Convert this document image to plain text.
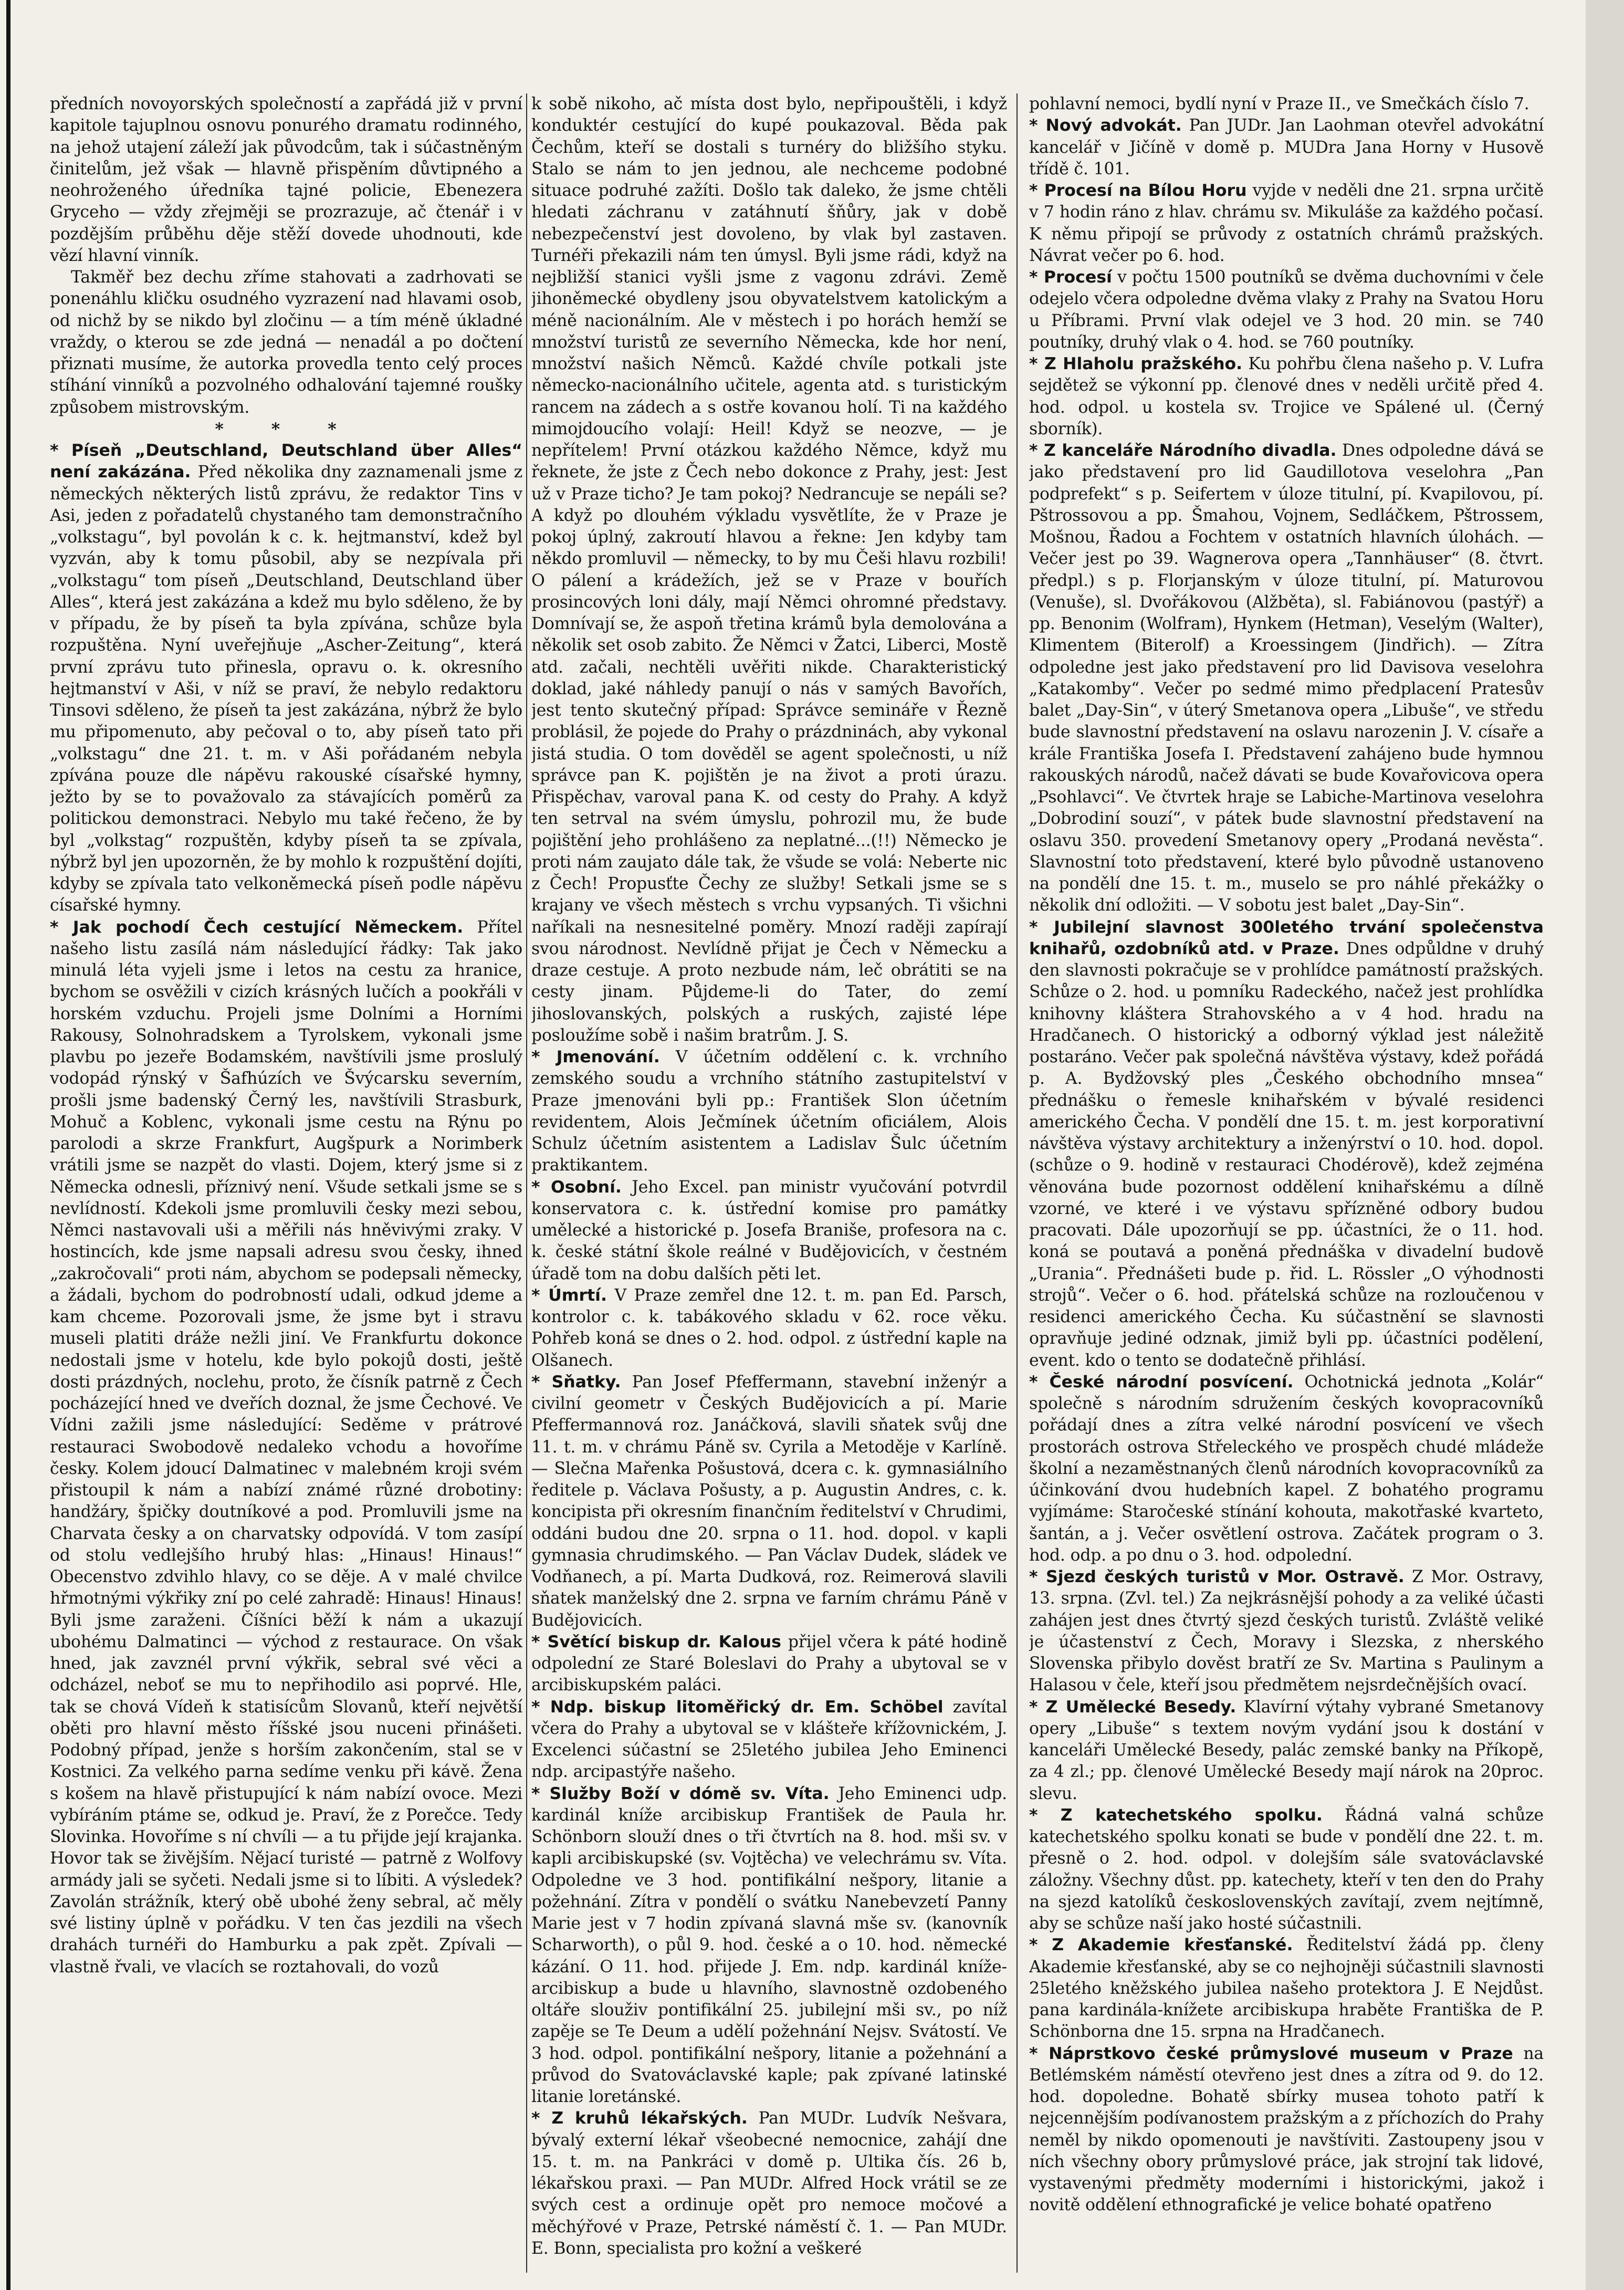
předních novoyorských společností a zapřádá již v první kapitole tajuplnou osnovu ponurého dramatu rodinného, na jehož utajení záleží jak původcům, tak i súčastněným činitelům, jež však — hlavně přispěním důvtipného a neohroženého úředníka tajné policie, Ebenezera Gryceho — vždy zřejměji se prozrazuje, ač čtenář i v pozdějším průběhu děje stěží dovede uhodnouti, kde vězí hlavní vinník.

Takměř bez dechu zříme stahovati a zadrhovati se ponenáhlu kličku osudného vyzrazení nad hlavami osob, od nichž by se nikdo byl zločinu — a tím méně úkladné vraždy, o kterou se zde jedná — nenadál a po dočtení přiznati musíme, že autorka provedla tento celý proces stíhání vinníků a pozvolného odhalování tajemné roušky způsobem mistrovským.

* * *

* Píseň „Deutschland, Deutschland über Alles“ není zakázána. Před několika dny zaznamenali jsme z německých některých listů zprávu, že redaktor Tins v Asi, jeden z pořadatelů chystaného tam demonstračního „volkstagu“, byl povolán k c. k. hejtmanství, kdež byl vyzván, aby k tomu působil, aby se nezpívala při „volkstagu“ tom píseň „Deutschland, Deutschland über Alles“, která jest zakázána a kdež mu bylo sděleno, že by v případu, že by píseň ta byla zpívána, schůze byla rozpuštěna. Nyní uveřejňuje „Ascher-Zeitung“, která první zprávu tuto přinesla, opravu o. k. okresního hejtmanství v Aši, v níž se praví, že nebylo redaktoru Tinsovi sděleno, že píseň ta jest zakázána, nýbrž že bylo mu připomenuto, aby pečoval o to, aby píseň tato při „volkstagu“ dne 21. t. m. v Aši pořádaném nebyla zpívána pouze dle nápěvu rakouské císařské hymny, ježto by se to považovalo za stávajících poměrů za politickou demonstraci. Nebylo mu také řečeno, že by byl „volkstag“ rozpuštěn, kdyby píseň ta se zpívala, nýbrž byl jen upozorněn, že by mohlo k rozpuštění dojíti, kdyby se zpívala tato velkoněmecká píseň podle nápěvu císařské hymny.

* Jak pochodí Čech cestující Německem. Přítel našeho listu zasílá nám následující řádky: Tak jako minulá léta vyjeli jsme i letos na cestu za hranice, bychom se osvěžili v cizích krásných lučích a pookřáli v horském vzduchu. Projeli jsme Dolními a Horními Rakousy, Solnohradskem a Tyrolskem, vykonali jsme plavbu po jezeře Bodamském, navštívili jsme proslulý vodopád rýnský v Šafhúzích ve Švýcarsku severním, prošli jsme badenský Černý les, navštívili Strasburk, Mohuč a Koblenc, vykonali jsme cestu na Rýnu po parolodi a skrze Frankfurt, Augšpurk a Norimberk vrátili jsme se nazpět do vlasti. Dojem, který jsme si z Německa odnesli, příznivý není. Všude setkali jsme se s nevlídností. Kdekoli jsme promluvili česky mezi sebou, Němci nastavovali uši a měřili nás hněvivými zraky. V hostincích, kde jsme napsali adresu svou česky, ihned „zakročovali“ proti nám, abychom se podepsali německy, a žádali, bychom do podrobností udali, odkud jdeme a kam chceme. Pozorovali jsme, že jsme byt i stravu museli platiti dráže nežli jiní. Ve Frankfurtu dokonce nedostali jsme v hotelu, kde bylo pokojů dosti, ještě dosti prázdných, noclehu, proto, že čísník patrně z Čech pocházející hned ve dveřích doznal, že jsme Čechové. Ve Vídni zažili jsme následující: Seděme v prátrové restauraci Swobodově nedaleko vchodu a hovoříme česky. Kolem jdoucí Dalmatinec v malebném kroji svém přistoupil k nám a nabízí známé různé drobotiny: handžáry, špičky doutníkové a pod. Promluvili jsme na Charvata česky a on charvatsky odpovídá. V tom zasípí od stolu vedlejšího hrubý hlas: „Hinaus! Hinaus!“ Obecenstvo zdvihlo hlavy, co se děje. A v malé chvilce hřmotnými výkřiky zní po celé zahradě: Hinaus! Hinaus! Byli jsme zaraženi. Číšníci běží k nám a ukazují ubohému Dalmatinci — východ z restaurace. On však hned, jak zavznél první výkřik, sebral své věci a odcházel, neboť se mu to nepřihodilo asi poprvé. Hle, tak se chová Vídeň k statisícům Slovanů, kteří největší oběti pro hlavní město říšské jsou nuceni přinášeti. Podobný případ, jenže s horším zakončením, stal se v Kostnici. Za velkého parna sedíme venku při kávě. Žena s košem na hlavě přistupující k nám nabízí ovoce. Mezi vybíráním ptáme se, odkud je. Praví, že z Porečce. Tedy Slovinka. Hovoříme s ní chvíli — a tu přijde její krajanka. Hovor tak se živějším. Nějací turisté — patrně z Wolfovy armády jali se syčeti. Nedali jsme si to líbiti. A výsledek? Zavolán strážník, který obě ubohé ženy sebral, ač měly své listiny úplně v pořádku. V ten čas jezdili na všech drahách turnéři do Hamburku a pak zpět. Zpívali — vlastně řvali, ve vlacích se roztahovali, do vozů

k sobě nikoho, ač místa dost bylo, nepřipouštěli, i když konduktér cestující do kupé poukazoval. Běda pak Čechům, kteří se dostali s turnéry do bližšího styku. Stalo se nám to jen jednou, ale nechceme podobné situace podruhé zažíti. Došlo tak daleko, že jsme chtěli hledati záchranu v zatáhnutí šňůry, jak v době nebezpečenství jest dovoleno, by vlak byl zastaven. Turnéři překazili nám ten úmysl. Byli jsme rádi, když na nejbližší stanici vyšli jsme z vagonu zdrávi. Země jihoněmecké obydleny jsou obyvatelstvem katolickým a méně nacionálním. Ale v městech i po horách hemží se množství turistů ze severního Německa, kde hor není, množství našich Němců. Každé chvíle potkali jste německo-nacionálního učitele, agenta atd. s turistickým rancem na zádech a s ostře kovanou holí. Ti na každého mimojdoucího volají: Heil! Když se neozve, — je nepřítelem! První otázkou každého Němce, když mu řeknete, že jste z Čech nebo dokonce z Prahy, jest: Jest už v Praze ticho? Je tam pokoj? Nedrancuje se nepáli se? A když po dlouhém výkladu vysvětlíte, že v Praze je pokoj úplný, zakroutí hlavou a řekne: Jen kdyby tam někdo promluvil — německy, to by mu Češi hlavu rozbili! O pálení a krádežích, jež se v Praze v bouřích prosincových loni dály, mají Němci ohromné představy. Domnívají se, že aspoň třetina krámů byla demolována a několik set osob zabito. Že Němci v Žatci, Liberci, Mostě atd. začali, nechtěli uvěřiti nikde. Charakteristický doklad, jaké náhledy panují o nás v samých Bavořích, jest tento skutečný případ: Správce semináře v Řezně problásil, že pojede do Prahy o prázdninách, aby vykonal jistá studia. O tom dověděl se agent společnosti, u níž správce pan K. pojištěn je na život a proti úrazu. Přispěchav, varoval pana K. od cesty do Prahy. A když ten setrval na svém úmyslu, pohrozil mu, že bude pojištění jeho prohlášeno za neplatné...(!!) Německo je proti nám zaujato dále tak, že všude se volá: Neberte nic z Čech! Propusťte Čechy ze služby! Setkali jsme se s krajany ve všech městech s vrchu vypsaných. Ti všichni naříkali na nesnesitelné poměry. Mnozí raději zapírají svou národnost. Nevlídně přijat je Čech v Německu a draze cestuje. A proto nezbude nám, leč obrátiti se na cesty jinam. Půjdeme-li do Tater, do zemí jihoslovanských, polských a ruských, zajisté lépe posloužíme sobě i našim bratrům. J. S.

* Jmenování. V účetním oddělení c. k. vrchního zemského soudu a vrchního státního zastupitelství v Praze jmenováni byli pp.: František Slon účetním revidentem, Alois Ječmínek účetním oficiálem, Alois Schulz účetním asistentem a Ladislav Šulc účetním praktikantem.

* Osobní. Jeho Excel. pan ministr vyučování potvrdil konservatora c. k. ústřední komise pro památky umělecké a historické p. Josefa Braniše, profesora na c. k. české státní škole reálné v Budějovicích, v čestném úřadě tom na dobu dalších pěti let.

* Úmrtí. V Praze zemřel dne 12. t. m. pan Ed. Parsch, kontrolor c. k. tabákového skladu v 62. roce věku. Pohřeb koná se dnes o 2. hod. odpol. z ústřední kaple na Olšanech.

* Sňatky. Pan Josef Pfeffermann, stavební inženýr a civilní geometr v Českých Budějovicích a pí. Marie Pfeffermannová roz. Janáčková, slavili sňatek svůj dne 11. t. m. v chrámu Páně sv. Cyrila a Metoděje v Karlíně. — Slečna Mařenka Pošustová, dcera c. k. gymnasiálního ředitele p. Václava Pošusty, a p. Augustin Andres, c. k. koncipista při okresním finančním ředitelství v Chrudimi, oddáni budou dne 20. srpna o 11. hod. dopol. v kapli gymnasia chrudimského. — Pan Václav Dudek, sládek ve Vodňanech, a pí. Marta Dudková, roz. Reimerová slavili sňatek manželský dne 2. srpna ve farním chrámu Páně v Budějovicích.

* Světící biskup dr. Kalous přijel včera k páté hodině odpolední ze Staré Boleslavi do Prahy a ubytoval se v arcibiskupském paláci.

* Ndp. biskup litoměřický dr. Em. Schöbel zavítal včera do Prahy a ubytoval se v klášteře křížovnickém, J. Excelenci súčastní se 25letého jubilea Jeho Eminenci ndp. arcipastýře našeho.

* Služby Boží v dómě sv. Víta. Jeho Eminenci udp. kardinál kníže arcibiskup František de Paula hr. Schönborn slouží dnes o tři čtvrtích na 8. hod. mši sv. v kapli arcibiskupské (sv. Vojtěcha) ve velechrámu sv. Víta. Odpoledne ve 3 hod. pontifikální nešpory, litanie a požehnání. Zítra v pondělí o svátku Nanebevzetí Panny Marie jest v 7 hodin zpívaná slavná mše sv. (kanovník Scharworth), o půl 9. hod. české a o 10. hod. německé kázání. O 11. hod. přijede J. Em. ndp. kardinál kníže-arcibiskup a bude u hlavního, slavnostně ozdobeného oltáře slouživ pontifikální 25. jubilejní mši sv., po níž zapěje se Te Deum a udělí požehnání Nejsv. Svátostí. Ve 3 hod. odpol. pontifikální nešpory, litanie a požehnání a průvod do Svatováclavské kaple; pak zpívané latinské litanie loretánské.

* Z kruhů lékařských. Pan MUDr. Ludvík Nešvara, bývalý externí lékař všeobecné nemocnice, zahájí dne 15. t. m. na Pankráci v domě p. Ultika čís. 26 b, lékařskou praxi. — Pan MUDr. Alfred Hock vrátil se ze svých cest a ordinuje opět pro nemoce močové a měchýřové v Praze, Petrské náměstí č. 1. — Pan MUDr. E. Bonn, specialista pro kožní a veškeré

pohlavní nemoci, bydlí nyní v Praze II., ve Smečkách číslo 7.

* Nový advokát. Pan JUDr. Jan Laohman otevřel advokátní kancelář v Jičíně v domě p. MUDra Jana Horny v Husově třídě č. 101.

* Procesí na Bílou Horu vyjde v neděli dne 21. srpna určitě v 7 hodin ráno z hlav. chrámu sv. Mikuláše za každého počasí. K němu připojí se průvody z ostatních chrámů pražských. Návrat večer po 6. hod.

* Procesí v počtu 1500 poutníků se dvěma duchovními v čele odejelo včera odpoledne dvěma vlaky z Prahy na Svatou Horu u Příbrami. První vlak odejel ve 3 hod. 20 min. se 740 poutníky, druhý vlak o 4. hod. se 760 poutníky.

* Z Hlaholu pražského. Ku pohřbu člena našeho p. V. Lufra sejdětež se výkonní pp. členové dnes v neděli určitě před 4. hod. odpol. u kostela sv. Trojice ve Spálené ul. (Černý sborník).

* Z kanceláře Národního divadla. Dnes odpoledne dává se jako představení pro lid Gaudillotova veselohra „Pan podprefekt“ s p. Seifertem v úloze titulní, pí. Kvapilovou, pí. Pštrossovou a pp. Šmahou, Vojnem, Sedláčkem, Pštrossem, Mošnou, Řadou a Fochtem v ostatních hlavních úlohách. — Večer jest po 39. Wagnerova opera „Tannhäuser“ (8. čtvrt. předpl.) s p. Florjanským v úloze titulní, pí. Maturovou (Venuše), sl. Dvořákovou (Alžběta), sl. Fabiánovou (pastýř) a pp. Benonim (Wolfram), Hynkem (Hetman), Veselým (Walter), Klimentem (Biterolf) a Kroessingem (Jindřich). — Zítra odpoledne jest jako představení pro lid Davisova veselohra „Katakomby“. Večer po sedmé mimo předplacení Pratesův balet „Day-Sin“, v úterý Smetanova opera „Libuše“, ve středu bude slavnostní představení na oslavu narozenin J. V. císaře a krále Františka Josefa I. Představení zahájeno bude hymnou rakouských národů, načež dávati se bude Kovařovicova opera „Psohlavci“. Ve čtvrtek hraje se Labiche-Martinova veselohra „Dobrodiní souzí“, v pátek bude slavnostní představení na oslavu 350. provedení Smetanovy opery „Prodaná nevěsta“. Slavnostní toto představení, které bylo původně ustanoveno na pondělí dne 15. t. m., muselo se pro náhlé překážky o několik dní odložiti. — V sobotu jest balet „Day-Sin“.

* Jubilejní slavnost 300letého trvání společenstva knihařů, ozdobníků atd. v Praze. Dnes odpůldne v druhý den slavnosti pokračuje se v prohlídce památností pražských. Schůze o 2. hod. u pomníku Radeckého, načež jest prohlídka knihovny kláštera Strahovského a v 4 hod. hradu na Hradčanech. O historický a odborný výklad jest náležitě postaráno. Večer pak společná návštěva výstavy, kdež pořádá p. A. Bydžovský ples „Českého obchodního mnsea“ přednášku o řemesle knihařském v bývalé residenci amerického Čecha. V pondělí dne 15. t. m. jest korporativní návštěva výstavy architektury a inženýrství o 10. hod. dopol. (schůze o 9. hodině v restauraci Chodérově), kdež zejména věnována bude pozornost oddělení knihařskému a dílně vzorné, ve které i ve výstavu spřízněné odbory budou pracovati. Dále upozorňují se pp. účastníci, že o 11. hod. koná se poutavá a poněná přednáška v divadelní budově „Urania“. Přednášeti bude p. řid. L. Rössler „O výhodnosti strojů“. Večer o 6. hod. přátelská schůze na rozloučenou v residenci amerického Čecha. Ku súčastnění se slavnosti opravňuje jediné odznak, jimiž byli pp. účastníci podělení, event. kdo o tento se dodatečně přihlásí.

* České národní posvícení. Ochotnická jednota „Kolár“ společně s národním sdružením českých kovopracovníků pořádají dnes a zítra velké národní posvícení ve všech prostorách ostrova Střeleckého ve prospěch chudé mládeže školní a nezaměstnaných členů národních kovopracovníků za účinkování dvou hudebních kapel. Z bohatého programu vyjímáme: Staročeské stínání kohouta, makotřaské kvarteto, šantán, a j. Večer osvětlení ostrova. Začátek program o 3. hod. odp. a po dnu o 3. hod. odpolední.

* Sjezd českých turistů v Mor. Ostravě. Z Mor. Ostravy, 13. srpna. (Zvl. tel.) Za nejkrásnější pohody a za veliké účasti zahájen jest dnes čtvrtý sjezd českých turistů. Zvláště veliké je účastenství z Čech, Moravy i Slezska, z nherského Slovenska přibylo dověst bratří ze Sv. Martina s Paulinym a Halasou v čele, kteří jsou předmětem nejsrdečnějších ovací.

* Z Umělecké Besedy. Klavírní výtahy vybrané Smetanovy opery „Libuše“ s textem novým vydání jsou k dostání v kanceláři Umělecké Besedy, palác zemské banky na Příkopě, za 4 zl.; pp. členové Umělecké Besedy mají nárok na 20proc. slevu.

* Z katechetského spolku. Řádná valná schůze katechetského spolku konati se bude v pondělí dne 22. t. m. přesně o 2. hod. odpol. v dolejším sále svatováclavské záložny. Všechny důst. pp. katechety, kteří v ten den do Prahy na sjezd katolíků československých zavítají, zvem nejtímně, aby se schůze naší jako hosté súčastnili.

* Z Akademie křesťanské. Ředitelství žádá pp. členy Akademie křesťanské, aby se co nejhojněji súčastnili slavnosti 25letého kněžského jubilea našeho protektora J. E Nejdůst. pana kardinála-knížete arcibiskupa hraběte Františka de P. Schönborna dne 15. srpna na Hradčanech.

* Náprstkovo české průmyslové museum v Praze na Betlémském náměstí otevřeno jest dnes a zítra od 9. do 12. hod. dopoledne. Bohatě sbírky musea tohoto patří k nejcennějším podívanostem pražským a z příchozích do Prahy neměl by nikdo opomenouti je navštíviti. Zastoupeny jsou v ních všechny obory průmyslové práce, jak strojní tak lidové, vystavenými předměty moderními i historickými, jakož i novitě oddělení ethnografické je velice bohaté opatřeno
